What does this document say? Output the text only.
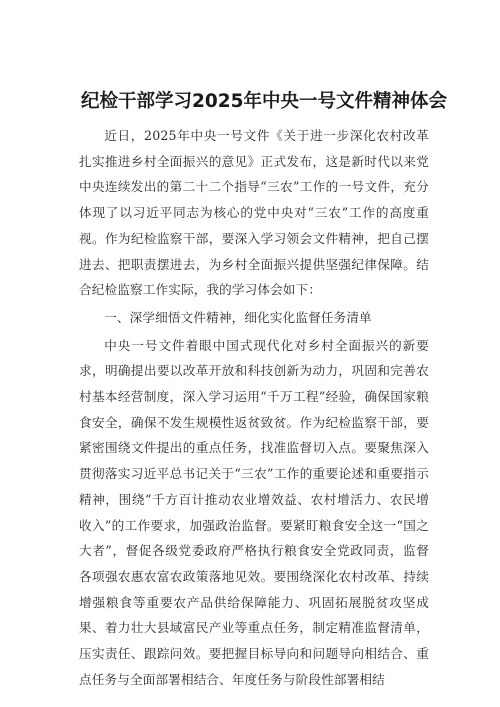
纪检干部学习2025年中央一号文件精神体会

近日，2025年中央一号文件《关于进一步深化农村改革扎实推进乡村全面振兴的意见》正式发布，这是新时代以来党中央连续发出的第二十二个指导“三农”工作的一号文件，充分体现了以习近平同志为核心的党中央对“三农”工作的高度重视。作为纪检监察干部，要深入学习领会文件精神，把自己摆进去、把职责摆进去，为乡村全面振兴提供坚强纪律保障。结合纪检监察工作实际，我的学习体会如下：

一、深学细悟文件精神，细化实化监督任务清单

中央一号文件着眼中国式现代化对乡村全面振兴的新要求，明确提出要以改革开放和科技创新为动力，巩固和完善农村基本经营制度，深入学习运用“千万工程”经验，确保国家粮食安全，确保不发生规模性返贫致贫。作为纪检监察干部，要紧密围绕文件提出的重点任务，找准监督切入点。要聚焦深入贯彻落实习近平总书记关于“三农”工作的重要论述和重要指示精神，围绕“千方百计推动农业增效益、农村增活力、农民增收入”的工作要求，加强政治监督。要紧盯粮食安全这一“国之大者”，督促各级党委政府严格执行粮食安全党政同责，监督各项强农惠农富农政策落地见效。要围绕深化农村改革、持续增强粮食等重要农产品供给保障能力、巩固拓展脱贫攻坚成果、着力壮大县域富民产业等重点任务，制定精准监督清单，压实责任、跟踪问效。要把握目标导向和问题导向相结合、重点任务与全面部署相结合、年度任务与阶段性部署相结
